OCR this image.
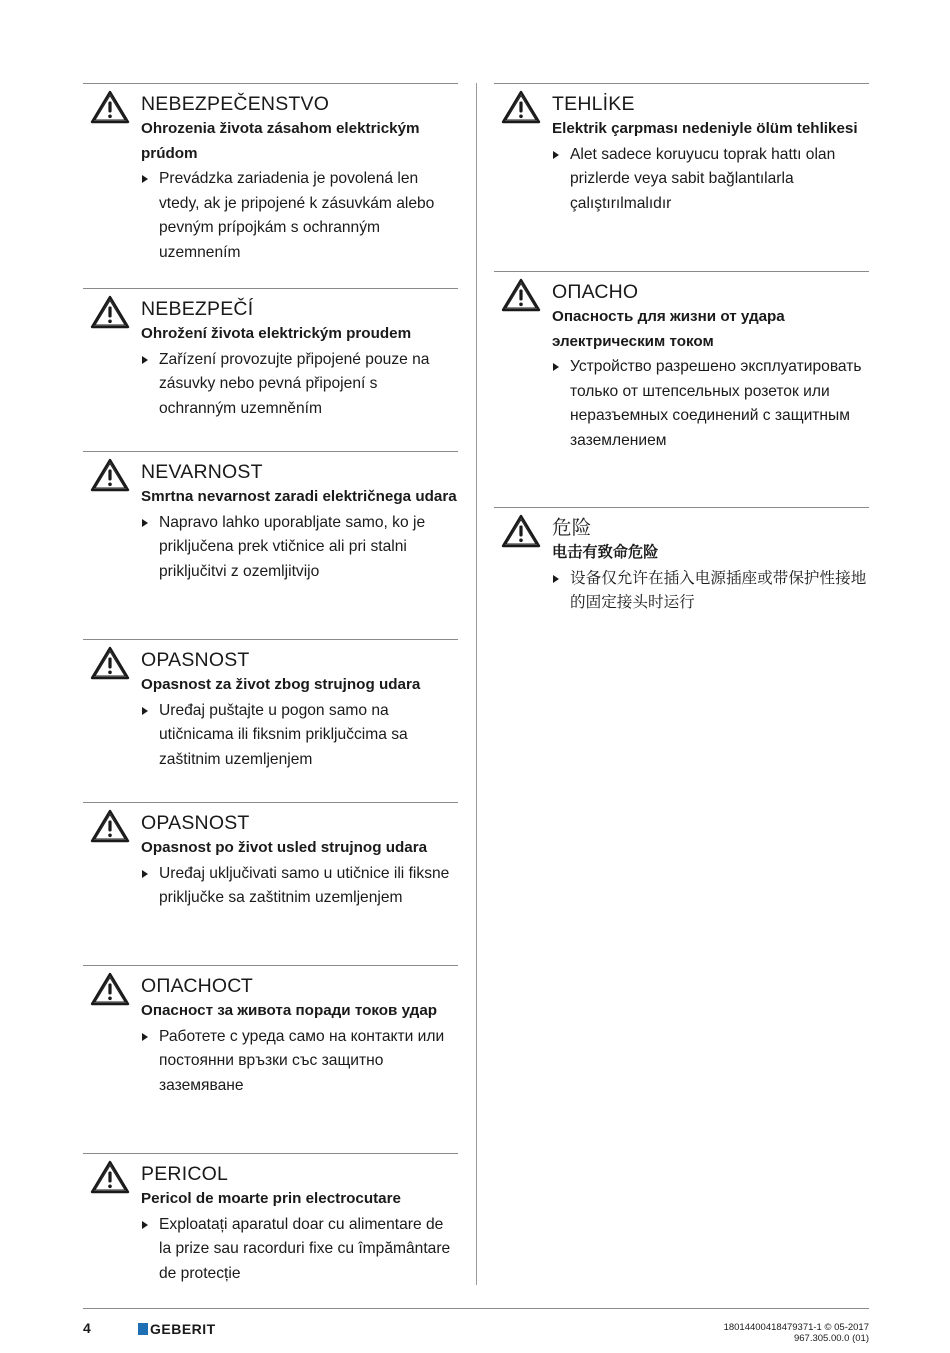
NEBEZPEČENSTVO
Ohrozenia života zásahom elektrickým prúdom
Prevádzka zariadenia je povolená len vtedy, ak je pripojené k zásuvkám alebo pevným prípojkám s ochranným uzemnením
NEBEZPEČÍ
Ohrožení života elektrickým proudem
Zařízení provozujte připojené pouze na zásuvky nebo pevná připojení s ochranným uzemněním
NEVARNOST
Smrtna nevarnost zaradi električnega udara
Napravo lahko uporabljate samo, ko je priključena prek vtičnice ali pri stalni priključitvi z ozemljitvijo
OPASNOST
Opasnost za život zbog strujnog udara
Uređaj puštajte u pogon samo na utičnicama ili fiksnim priključcima sa zaštitnim uzemljenjem
OPASNOST
Opasnost po život usled strujnog udara
Uređaj uključivati samo u utičnice ili fiksne priključke sa zaštitnim uzemljenjem
ОПАСНОСТ
Опасност за живота поради токов удар
Работете с уреда само на контакти или постоянни връзки със защитно заземяване
PERICOL
Pericol de moarte prin electrocutare
Exploatați aparatul doar cu alimentare de la prize sau racorduri fixe cu împământare de protecție
TEHLİKE
Elektrik çarpması nedeniyle ölüm tehlikesi
Alet sadece koruyucu toprak hattı olan prizlerde veya sabit bağlantılarla çalıştırılmalıdır
ОПАСНО
Опасность для жизни от удара электрическим током
Устройство разрешено эксплуатировать только от штепсельных розеток или неразъемных соединений с защитным заземлением
危险
电击有致命危险
设备仅允许在插入电源插座或带保护性接地的固定接头时运行
4	GEBERIT	18014400418479371-1 © 05-2017
967.305.00.0 (01)
